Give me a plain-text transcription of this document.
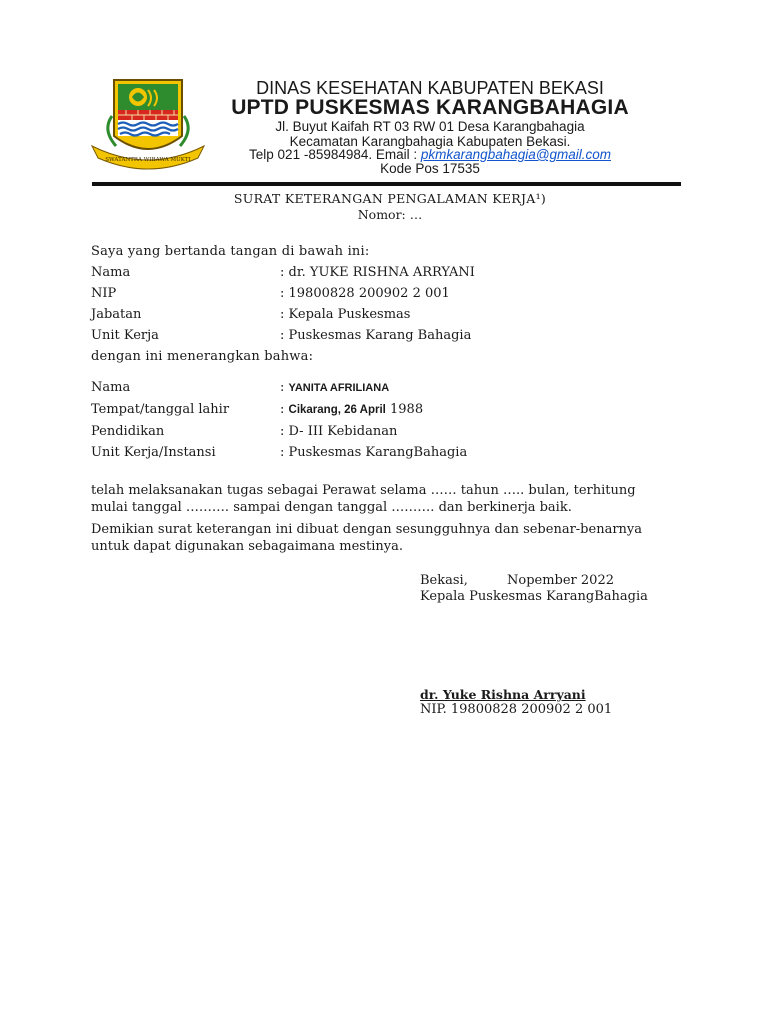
SWATANTRA WIBAWA MUKTI
DINAS KESEHATAN KABUPATEN BEKASI
UPTD PUSKESMAS KARANGBAHAGIA
Jl. Buyut Kaifah RT 03 RW 01 Desa Karangbahagia
Kecamatan Karangbahagia Kabupaten Bekasi.
Telp 021 -85984984. Email : pkmkarangbahagia@gmail.com
Kode Pos 17535
SURAT KETERANGAN PENGALAMAN KERJA¹)
Nomor: …
Saya yang bertanda tangan di bawah ini:
Nama	: dr. YUKE RISHNA ARRYANI
NIP	: 19800828 200902 2 001
Jabatan	: Kepala Puskesmas
Unit Kerja	: Puskesmas Karang Bahagia
dengan ini menerangkan bahwa:
Nama	: YANITA AFRILIANA
Tempat/tanggal lahir	: Cikarang, 26 April 1988
Pendidikan	: D- III Kebidanan
Unit Kerja/Instansi	: Puskesmas KarangBahagia
telah melaksanakan tugas sebagai Perawat selama …… tahun ….. bulan, terhitung
mulai tanggal ………. sampai dengan tanggal ………. dan berkinerja baik.
Demikian surat keterangan ini dibuat dengan sesungguhnya dan sebenar-benarnya
untuk dapat digunakan sebagaimana mestinya.
Bekasi,	Nopember 2022
Kepala Puskesmas KarangBahagia
dr. Yuke Rishna Arryani
NIP. 19800828 200902 2 001
